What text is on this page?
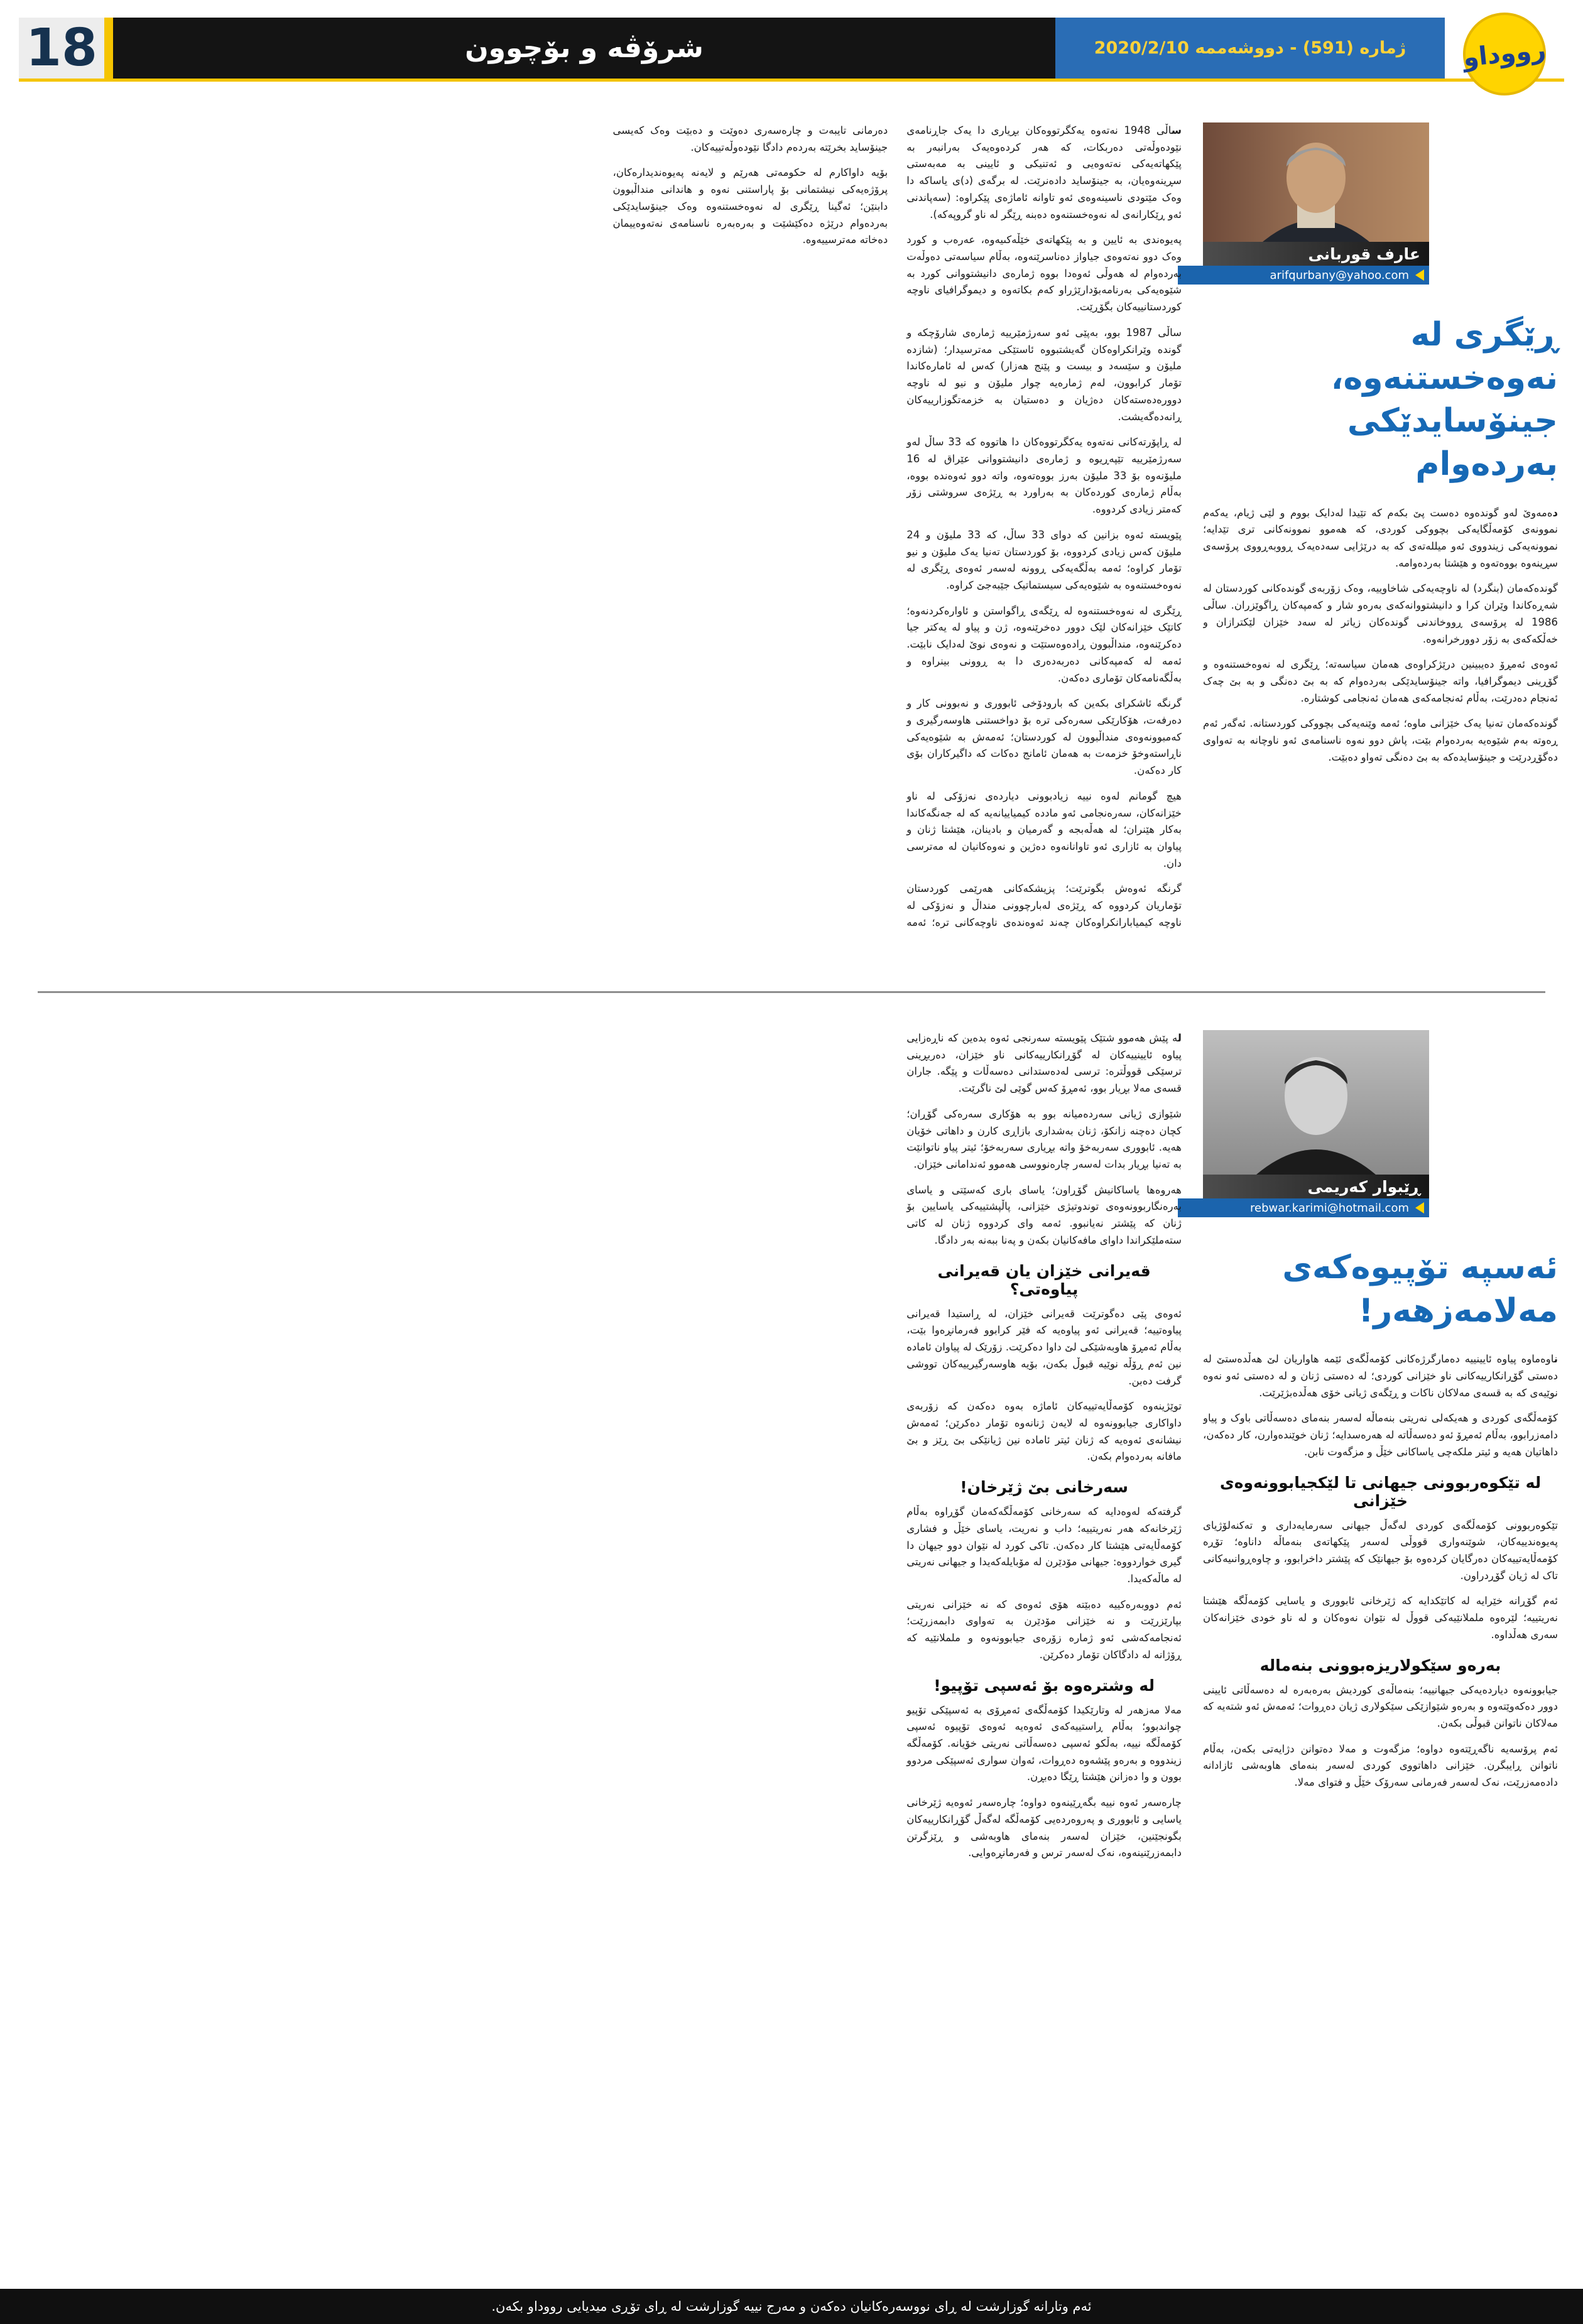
رووداو
ژماره (591) - دووشه‌ممه 2020/2/10
شرۆڤه و بۆچوون
18
عارف قوربانى
arifqurbany@yahoo.com
ڕێگرى له نه‌وه‌خستنه‌وه، جینۆسایدێکى به‌رده‌وام

ده‌مه‌وێ له‌و گونده‌وه ده‌ست پێ بکه‌م که تێیدا له‌دایک بووم و لێى ژیام، یه‌که‌م نموونه‌ى کۆمه‌ڵگایه‌کى بچووکى کوردى، که هه‌موو نموونه‌کانى ترى تێدایه؛ نموونه‌یه‌کى زیندووى ئه‌و میلله‌ته‌ى که به درێژایى سه‌ده‌یه‌ک ڕووبه‌ڕووى پرۆسه‌ى سڕینه‌وه بووه‌ته‌وه و هێشتا به‌رده‌وامه.

گونده‌که‌مان (بنگرد) له ناوچه‌یه‌کى شاخاوییه، وه‌ک زۆربه‌ى گونده‌کانى کوردستان له شه‌ڕه‌کاندا وێران کرا و دانیشتووانه‌که‌ى به‌ره‌و شار و که‌مپه‌کان ڕاگوێزران. ساڵى 1986 له پرۆسه‌ى ڕووخاندنى گونده‌کان زیاتر له سه‌د خێزان لێکترازان و خه‌ڵکه‌که‌ى به زۆر دوورخرانه‌وه.

ئه‌وه‌ى ئه‌مڕۆ ده‌یبینین درێژکراوه‌ى هه‌مان سیاسه‌ته؛ ڕێگرى له نه‌وه‌خستنه‌وه و گۆڕینى دیموگرافیا، واته جینۆسایدێکى به‌رده‌وام که به بێ ده‌نگى و به بێ چه‌ک ئه‌نجام ده‌درێت، به‌ڵام ئه‌نجامه‌که‌ى هه‌مان ئه‌نجامى کوشتاره.

گونده‌که‌مان ته‌نیا یه‌ک خێزانى ماوه؛ ئه‌مه وێنه‌یه‌کى بچووکى کوردستانه. ئه‌گه‌ر ئه‌م ڕه‌وته به‌م شێوه‌یه به‌رده‌وام بێت، پاش دوو نه‌وه ناسنامه‌ى ئه‌و ناوچانه به ته‌واوى ده‌گۆڕدرێت و جینۆسایده‌که به بێ ده‌نگى ته‌واو ده‌بێت.

ساڵى 1948 نه‌ته‌وه یه‌کگرتووه‌کان بڕیارى دا یه‌ک جاڕنامه‌ى نێوده‌وڵه‌تى ده‌ربکات، که هه‌ر کرده‌وه‌یه‌ک به‌رانبه‌ر به پێکهاته‌یه‌کى نه‌ته‌وه‌یى و ئه‌تنیکى و ئایینى به مه‌به‌ستى سڕینه‌وه‌یان، به جینۆساید داده‌نرێت. له برگه‌ى (د)ى یاساکه دا وه‌ک مێتودى ناسینه‌وه‌ى ئه‌و تاوانه ئاماژه‌ى پێکراوه: (سه‌پاندنى ئه‌و ڕێکارانه‌ى له نه‌وه‌خستنه‌وه ده‌بنه ڕێگر له ناو گروپه‌که).

په‌یوه‌ندى به ئایین و به پێکهاته‌ى خێڵه‌کىیه‌وه، عه‌ره‌ب و کورد وه‌ک دوو نه‌ته‌وه‌ى جیاواز ده‌ناسرێنه‌وه، به‌ڵام سیاسه‌تى ده‌وڵه‌ت به‌رده‌وام له هه‌وڵى ئه‌وه‌دا بووه ژماره‌ى دانیشتووانى کورد به شێوه‌یه‌کى به‌رنامه‌بۆدارێژراو که‌م بکاته‌وه و دیموگرافیاى ناوچه کوردستانییه‌کان بگۆڕێت.

ساڵى 1987 بوو، به‌پێى ئه‌و سه‌رژمێرییه ژماره‌ى شارۆچکه و گونده وێرانکراوه‌کان گه‌یشتبووه ئاستێکى مه‌ترسیدار؛ (شازده ملیۆن و سێسه‌د و بیست و پێنج هه‌زار) که‌س له ئاماره‌کاندا تۆمار کرابوون، له‌م ژماره‌یه چوار ملیۆن و نیو له ناوچه دووره‌ده‌سته‌کان ده‌ژیان و ده‌ستیان به خزمه‌تگوزارییه‌کان ڕانه‌ده‌گه‌یشت.

له ڕاپۆرته‌کانى نه‌ته‌وه یه‌کگرتووه‌کان دا هاتووه که 33 ساڵ له‌و سه‌رژمێرییه تێپه‌ڕیوه و ژماره‌ى دانیشتووانى عێراق له 16 ملیۆنه‌وه بۆ 33 ملیۆن به‌رز بووه‌ته‌وه، واته دوو ئه‌وه‌نده بووه، به‌ڵام ژماره‌ى کورده‌کان به به‌راورد به ڕێژه‌ى سروشتى زۆر که‌متر زیادى کردووه.

پێویسته ئه‌وه بزانین که دواى 33 ساڵ، که 33 ملیۆن و 24 ملیۆن که‌س زیادى کردووه، بۆ کوردستان ته‌نیا یه‌ک ملیۆن و نیو تۆمار کراوه؛ ئه‌مه به‌ڵگه‌یه‌کى ڕوونه له‌سه‌ر ئه‌وه‌ى ڕێگرى له نه‌وه‌خستنه‌وه به شێوه‌یه‌کى سیستماتیک جێبه‌جێ کراوه.

ڕێگرى له نه‌وه‌خستنه‌وه له ڕێگه‌ى ڕاگواستن و ئاواره‌کردنه‌وه؛ کاتێک خێزانه‌کان لێک دوور ده‌خرێنه‌وه، ژن و پیاو له یه‌کتر جیا ده‌کرێنه‌وه، منداڵبوون ڕاده‌وه‌ستێت و نه‌وه‌ى نوێ له‌دایک نابێت. ئه‌مه له که‌مپه‌کانى ده‌ربه‌ده‌رى دا به ڕوونى بینراوه و به‌ڵگه‌نامه‌کان تۆمارى ده‌که‌ن.

گرنگه ئاشکراى بکه‌ین که بارودۆخى ئابوورى و نه‌بوونى کار و ده‌رفه‌ت، هۆکارێکى سه‌ره‌کى تره بۆ دواخستنى هاوسه‌رگیرى و که‌مبوونه‌وه‌ى منداڵبوون له کوردستان؛ ئه‌مه‌ش به شێوه‌یه‌کى ناڕاسته‌وخۆ خزمه‌ت به هه‌مان ئامانج ده‌کات که داگیرکاران بۆى کار ده‌که‌ن.

هیچ گومانم له‌وه نییه زیادبوونى دیارده‌ى نه‌زۆکى له ناو خێزانه‌کان، سه‌ره‌نجامى ئه‌و مادده کیمیاییانه‌یه که له جه‌نگه‌کاندا به‌کار هێنران؛ له هه‌ڵه‌بجه و گه‌رمیان و بادینان، هێشتا ژنان و پیاوان به ئازارى ئه‌و تاوانانه‌وه ده‌ژین و نه‌وه‌کانیان له مه‌ترسى دان.

گرنگه ئه‌وه‌ش بگوترێت؛ پزیشکه‌کانى هه‌رێمى کوردستان تۆماریان کردووه که ڕێژه‌ى له‌بارچوونى منداڵ و نه‌زۆکى له ناوچه کیمیابارانکراوه‌کان چه‌ند ئه‌وه‌نده‌ى ناوچه‌کانى تره؛ ئه‌مه ده‌رمانى تایبه‌ت و چاره‌سه‌رى ده‌وێت و ده‌بێت وه‌ک که‌یسى جینۆساید بخرێته به‌رده‌م دادگا نێوده‌وڵه‌تییه‌کان.

بۆیه داواکارم له حکومه‌تى هه‌رێم و لایه‌نه په‌یوه‌ندیداره‌کان، پرۆژه‌یه‌کى نیشتمانى بۆ پاراستنى نه‌وه و هاندانى منداڵبوون دابنێن؛ ئه‌گینا ڕێگرى له نه‌وه‌خستنه‌وه وه‌ک جینۆسایدێکى به‌رده‌وام درێژه ده‌کێشێت و به‌ره‌به‌ره ناسنامه‌ى نه‌ته‌وه‌ییمان ده‌خاته مه‌ترسییه‌وه.

ڕێبوار که‌ریمى
rebwar.karimi@hotmail.com
ئه‌سپه تۆپیوه‌که‌ى مه‌لامه‌زهه‌ر!

ناوه‌ماوه پیاوه ئایینییه ده‌مارگرژه‌کانى کۆمه‌ڵگه‌ى ئێمه هاواریان لێ هه‌ڵده‌ستێ له ده‌ستى گۆڕانکارییه‌کانى ناو خێزانى کوردى؛ له ده‌ستى ژنان و له ده‌ستى ئه‌و نه‌وه نوێیه‌ى که به قسه‌ى مه‌لاکان ناکات و ڕێگه‌ى ژیانى خۆى هه‌ڵده‌بژێرێت.

کۆمه‌ڵگه‌ى کوردى و هه‌یکه‌لى نه‌ریتى بنه‌ماڵه له‌سه‌ر بنه‌ماى ده‌سه‌ڵاتى باوک و پیاو دامه‌زرابوو، به‌ڵام ئه‌مڕۆ ئه‌و ده‌سه‌ڵاته له هه‌ره‌سدایه؛ ژنان خوێنده‌وارن، کار ده‌که‌ن، داهاتیان هه‌یه و ئیتر ملکه‌چى یاساکانى خێڵ و مزگه‌وت نابن.

له تێکوه‌ربوونى جیهانى تا لێکجیابوونه‌وه‌ى خێزانى

تێکوه‌ربوونى کۆمه‌ڵگه‌ى کوردى له‌گه‌ڵ جیهانى سه‌رمایه‌دارى و ته‌کنه‌لۆژیاى په‌یوه‌ندییه‌کان، شوێنه‌وارى قووڵى له‌سه‌ر پێکهاته‌ى بنه‌ماڵه داناوه؛ تۆڕه کۆمه‌ڵایه‌تییه‌کان ده‌رگایان کرده‌وه بۆ جیهانێک که پێشتر داخرابوو، و چاوه‌ڕوانىیه‌کانى تاک له ژیان گۆڕدراون.

ئه‌م گۆڕانه خێرایه له کاتێکدایه که ژێرخانى ئابوورى و یاسایى کۆمه‌ڵگه هێشتا نه‌ریتییه؛ لێره‌وه ململانێیه‌کى قووڵ له نێوان نه‌وه‌کان و له ناو خودى خێزانه‌کان سه‌رى هه‌ڵداوه.

به‌ره‌و سێکولاریزه‌بوونى بنه‌ماله

جیابوونه‌وه دیارده‌یه‌کى جیهانییه؛ بنه‌ماڵه‌ى کوردیش به‌ره‌به‌ره له ده‌سه‌ڵاتى ئایینى دوور ده‌که‌وێته‌وه و به‌ره‌و شێوازێکى سێکولارى ژیان ده‌ڕوات؛ ئه‌مه‌ش ئه‌و شته‌یه که مه‌لاکان ناتوانن قبوڵى بکه‌ن.

ئه‌م پرۆسه‌یه ناگه‌ڕێته‌وه دواوه؛ مزگه‌وت و مه‌لا ده‌توانن دژایه‌تى بکه‌ن، به‌ڵام ناتوانن ڕایبگرن. خێزانى داهاتووى کوردى له‌سه‌ر بنه‌ماى هاوبه‌شى ئازادانه داده‌مه‌زرێت، نه‌ک له‌سه‌ر فه‌رمانى سه‌رۆک خێڵ و فتواى مه‌لا.

له پێش هه‌موو شتێک پێویسته سه‌رنجى ئه‌وه بده‌ین که ناڕه‌زایى پیاوه ئایینییه‌کان له گۆڕانکارییه‌کانى ناو خێزان، ده‌ربڕینى ترسێکى قووڵتره: ترسى له‌ده‌ستدانى ده‌سه‌ڵات و پێگه. جاران قسه‌ى مه‌لا بڕیار بوو، ئه‌مڕۆ که‌س گوێى لێ ناگرێت.

شێوازى ژیانى سه‌رده‌میانه بوو به هۆکارى سه‌ره‌کى گۆڕان؛ کچان ده‌چنه زانکۆ، ژنان به‌شدارى بازاڕى کارن و داهاتى خۆیان هه‌یه. ئابوورى سه‌ربه‌خۆ واته بڕیارى سه‌ربه‌خۆ؛ ئیتر پیاو ناتوانێت به ته‌نیا بڕیار بدات له‌سه‌ر چاره‌نووسى هه‌موو ئه‌ندامانى خێزان.

هه‌روه‌ها یاساکانیش گۆڕاون؛ یاساى بارى که‌سێتى و یاساى به‌ره‌نگاربوونه‌وه‌ى توندوتیژى خێزانى، پاڵپشتییه‌کى یاسایین بۆ ژنان که پێشتر نه‌یانبوو. ئه‌مه واى کردووه ژنان له کاتى سته‌ملێکراندا داواى مافه‌کانیان بکه‌ن و په‌نا ببه‌نه به‌ر دادگا.

قه‌یرانى خێزان یان قه‌یرانى پیاوه‌تى؟

ئه‌وه‌ى پێى ده‌گوترێت قه‌یرانى خێزان، له ڕاستیدا قه‌یرانى پیاوه‌تییه؛ قه‌یرانى ئه‌و پیاوه‌یه که فێر کرابوو فه‌رمانڕه‌وا بێت، به‌ڵام ئه‌مڕۆ هاوبه‌شێکى لێ داوا ده‌کرێت. زۆرێک له پیاوان ئاماده نین ئه‌م ڕۆڵه نوێیه قبوڵ بکه‌ن، بۆیه هاوسه‌رگیرییه‌کان تووشى گرفت ده‌بن.

توێژینه‌وه کۆمه‌ڵایه‌تییه‌کان ئاماژه به‌وه ده‌که‌ن که زۆربه‌ى داواکارى جیابوونه‌وه له لایه‌ن ژنانه‌وه تۆمار ده‌کرێن؛ ئه‌مه‌ش نیشانه‌ى ئه‌وه‌یه که ژنان ئیتر ئاماده نین ژیانێکى بێ ڕێز و بێ مافانه به‌رده‌وام بکه‌ن.

سه‌رخانى بێ ژێرخان!

گرفته‌که له‌وه‌دایه که سه‌رخانى کۆمه‌ڵگه‌که‌مان گۆڕاوه به‌ڵام ژێرخانه‌که هه‌ر نه‌ریتییه؛ داب و نه‌ریت، یاساى خێڵ و فشارى کۆمه‌ڵایه‌تى هێشتا کار ده‌که‌ن. تاکى کورد له نێوان دوو جیهان دا گیرى خواردووه: جیهانى مۆدێرن له مۆبایله‌که‌یدا و جیهانى نه‌ریتى له ماڵه‌که‌یدا.

ئه‌م دووبه‌ره‌کییه ده‌بێته هۆى ئه‌وه‌ى که نه خێزانى نه‌ریتى بپارێزرێت و نه خێزانى مۆدێرن به ته‌واوى دابمه‌زرێت؛ ئه‌نجامه‌که‌شى ئه‌و ژماره زۆره‌ى جیابوونه‌وه و ململانێیه که ڕۆژانه له دادگاکان تۆمار ده‌کرێن.

له وشتره‌وه بۆ ئه‌سپى تۆپیو!

مه‌لا مه‌زهه‌ر له وتارێکیدا کۆمه‌ڵگه‌ى ئه‌مڕۆى به ئه‌سپێکى تۆپیو چواندبوو؛ به‌ڵام ڕاستییه‌که‌ى ئه‌وه‌یه ئه‌وه‌ى تۆپیوه ئه‌سپى کۆمه‌ڵگه نییه، به‌ڵکو ئه‌سپى ده‌سه‌ڵاتى نه‌ریتى خۆیانه. کۆمه‌ڵگه زیندووه و به‌ره‌و پێشه‌وه ده‌ڕوات، ئه‌وان سوارى ئه‌سپێکى مردوو بوون و وا ده‌زانن هێشتا ڕێگا ده‌بڕن.

چاره‌سه‌ر ئه‌وه نییه بگه‌ڕێینه‌وه دواوه؛ چاره‌سه‌ر ئه‌وه‌یه ژێرخانى یاسایى و ئابوورى و په‌روه‌رده‌یى کۆمه‌ڵگه له‌گه‌ڵ گۆڕانکارییه‌کان بگونجێنین، خێزان له‌سه‌ر بنه‌ماى هاوبه‌شى و ڕێزگرتن دابمه‌زرێنینه‌وه، نه‌ک له‌سه‌ر ترس و فه‌رمانڕه‌وایى.

ئه‌م وتارانه گوزارشت له ڕاى نووسه‌ره‌کانیان ده‌که‌ن و مه‌رج نییه گوزارشت له ڕاى تۆڕى میدیایى رووداو بکه‌ن.
